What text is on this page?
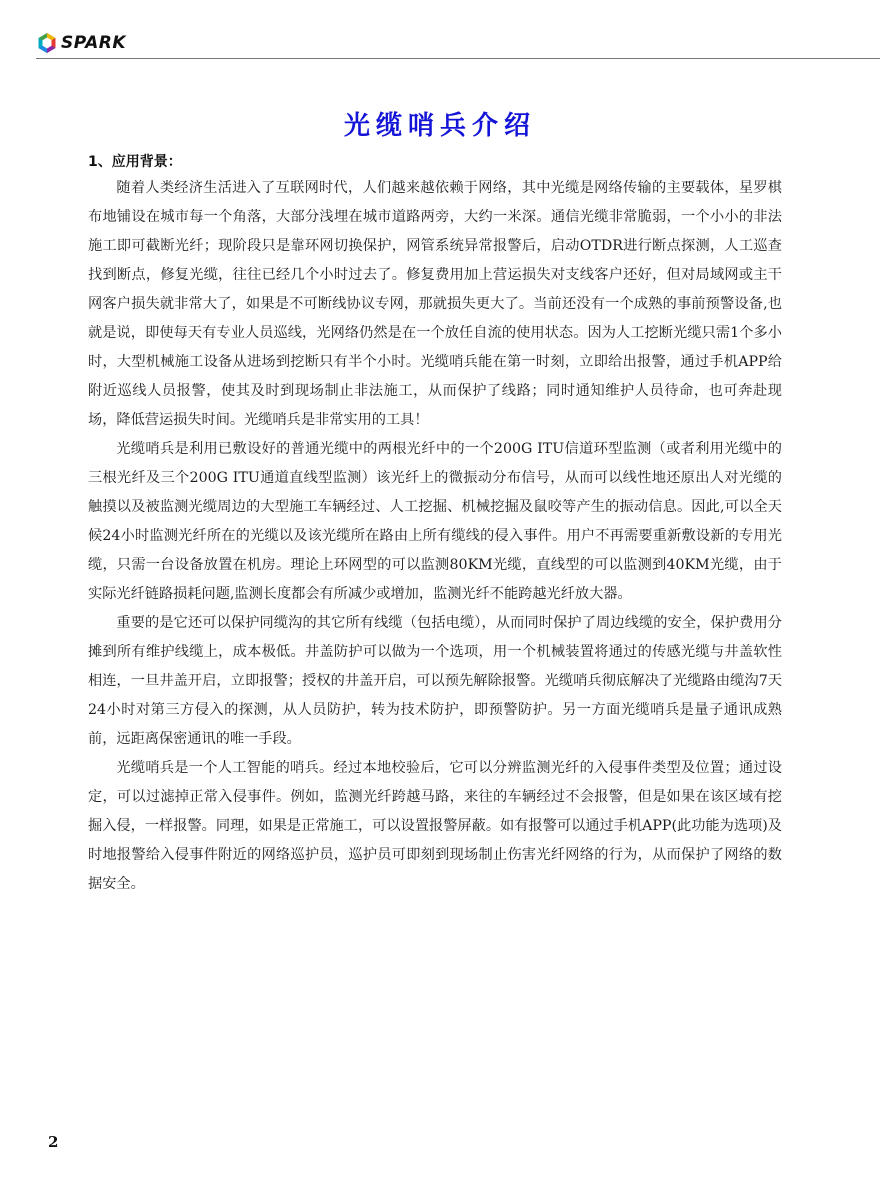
SPARK
光缆哨兵介绍
1、应用背景：

随着人类经济生活进入了互联网时代，人们越来越依赖于网络，其中光缆是网络传输的主要载体，星罗棋布地铺设在城市每一个角落，大部分浅埋在城市道路两旁，大约一米深。通信光缆非常脆弱，一个小小的非法施工即可截断光纤；现阶段只是靠环网切换保护，网管系统异常报警后，启动OTDR进行断点探测，人工巡查找到断点，修复光缆，往往已经几个小时过去了。修复费用加上营运损失对支线客户还好，但对局域网或主干网客户损失就非常大了，如果是不可断线协议专网，那就损失更大了。当前还没有一个成熟的事前预警设备,也就是说，即使每天有专业人员巡线，光网络仍然是在一个放任自流的使用状态。因为人工挖断光缆只需1个多小时，大型机械施工设备从进场到挖断只有半个小时。光缆哨兵能在第一时刻，立即给出报警，通过手机APP给附近巡线人员报警，使其及时到现场制止非法施工，从而保护了线路；同时通知维护人员待命，也可奔赴现场，降低营运损失时间。光缆哨兵是非常实用的工具！

光缆哨兵是利用已敷设好的普通光缆中的两根光纤中的一个200G ITU信道环型监测（或者利用光缆中的三根光纤及三个200G ITU通道直线型监测）该光纤上的微振动分布信号，从而可以线性地还原出人对光缆的触摸以及被监测光缆周边的大型施工车辆经过、人工挖掘、机械挖掘及鼠咬等产生的振动信息。因此,可以全天候24小时监测光纤所在的光缆以及该光缆所在路由上所有缆线的侵入事件。用户不再需要重新敷设新的专用光缆，只需一台设备放置在机房。理论上环网型的可以监测80KM光缆，直线型的可以监测到40KM光缆，由于实际光纤链路损耗问题,监测长度都会有所减少或增加，监测光纤不能跨越光纤放大器。

重要的是它还可以保护同缆沟的其它所有线缆（包括电缆），从而同时保护了周边线缆的安全，保护费用分摊到所有维护线缆上，成本极低。井盖防护可以做为一个选项，用一个机械装置将通过的传感光缆与井盖软性相连，一旦井盖开启，立即报警；授权的井盖开启，可以预先解除报警。光缆哨兵彻底解决了光缆路由缆沟7天24小时对第三方侵入的探测，从人员防护，转为技术防护，即预警防护。另一方面光缆哨兵是量子通讯成熟前，远距离保密通讯的唯一手段。

光缆哨兵是一个人工智能的哨兵。经过本地校验后，它可以分辨监测光纤的入侵事件类型及位置；通过设定，可以过滤掉正常入侵事件。例如，监测光纤跨越马路，来往的车辆经过不会报警，但是如果在该区域有挖掘入侵，一样报警。同理，如果是正常施工，可以设置报警屏蔽。如有报警可以通过手机APP(此功能为选项)及时地报警给入侵事件附近的网络巡护员，巡护员可即刻到现场制止伤害光纤网络的行为，从而保护了网络的数据安全。

2
